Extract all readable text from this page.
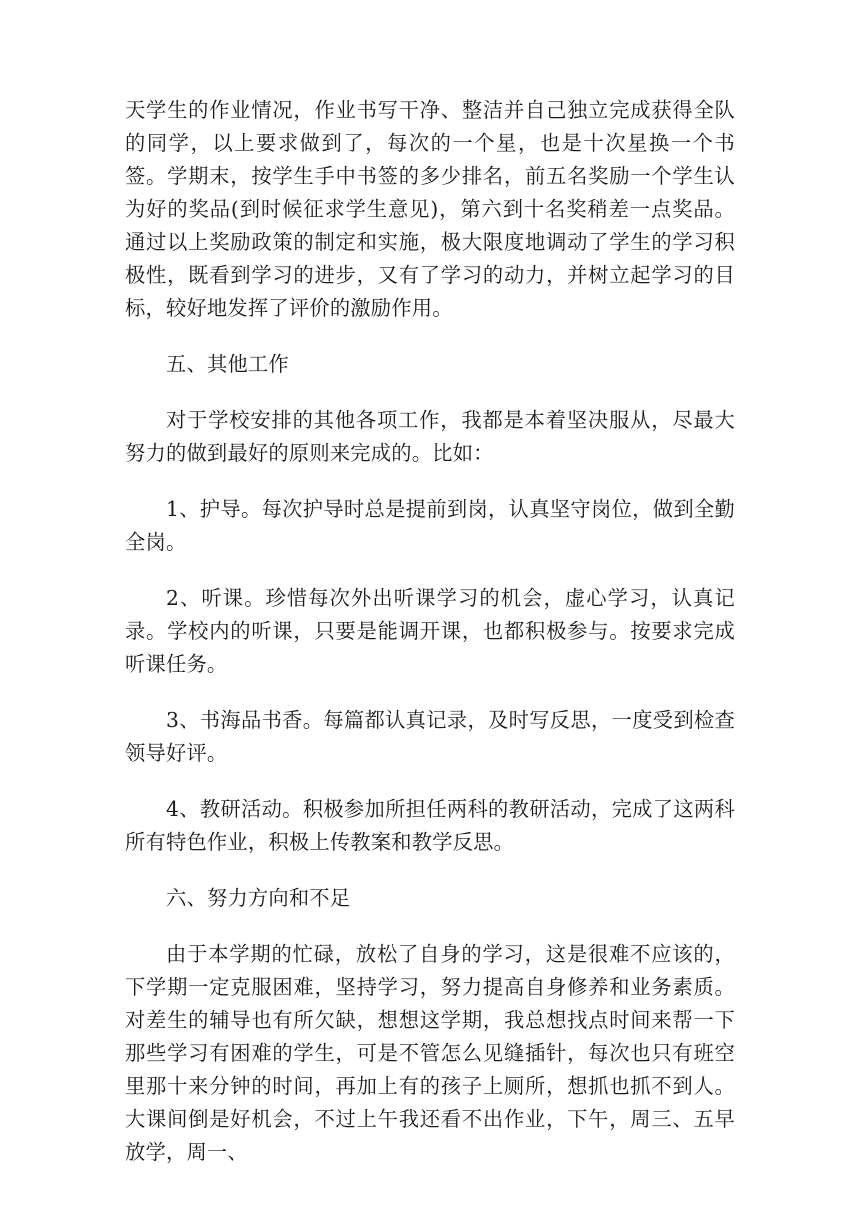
天学生的作业情况，作业书写干净、整洁并自己独立完成获得全队的同学，以上要求做到了，每次的一个星，也是十次星换一个书签。学期末，按学生手中书签的多少排名，前五名奖励一个学生认为好的奖品(到时候征求学生意见)，第六到十名奖稍差一点奖品。通过以上奖励政策的制定和实施，极大限度地调动了学生的学习积极性，既看到学习的进步，又有了学习的动力，并树立起学习的目标，较好地发挥了评价的激励作用。

五、其他工作

对于学校安排的其他各项工作，我都是本着坚决服从，尽最大努力的做到最好的原则来完成的。比如：

1、护导。每次护导时总是提前到岗，认真坚守岗位，做到全勤全岗。

2、听课。珍惜每次外出听课学习的机会，虚心学习，认真记录。学校内的听课，只要是能调开课，也都积极参与。按要求完成听课任务。

3、书海品书香。每篇都认真记录，及时写反思，一度受到检查领导好评。

4、教研活动。积极参加所担任两科的教研活动，完成了这两科所有特色作业，积极上传教案和教学反思。

六、努力方向和不足

由于本学期的忙碌，放松了自身的学习，这是很难不应该的，下学期一定克服困难，坚持学习，努力提高自身修养和业务素质。对差生的辅导也有所欠缺，想想这学期，我总想找点时间来帮一下那些学习有困难的学生，可是不管怎么见缝插针，每次也只有班空里那十来分钟的时间，再加上有的孩子上厕所，想抓也抓不到人。大课间倒是好机会，不过上午我还看不出作业，下午，周三、五早放学，周一、
